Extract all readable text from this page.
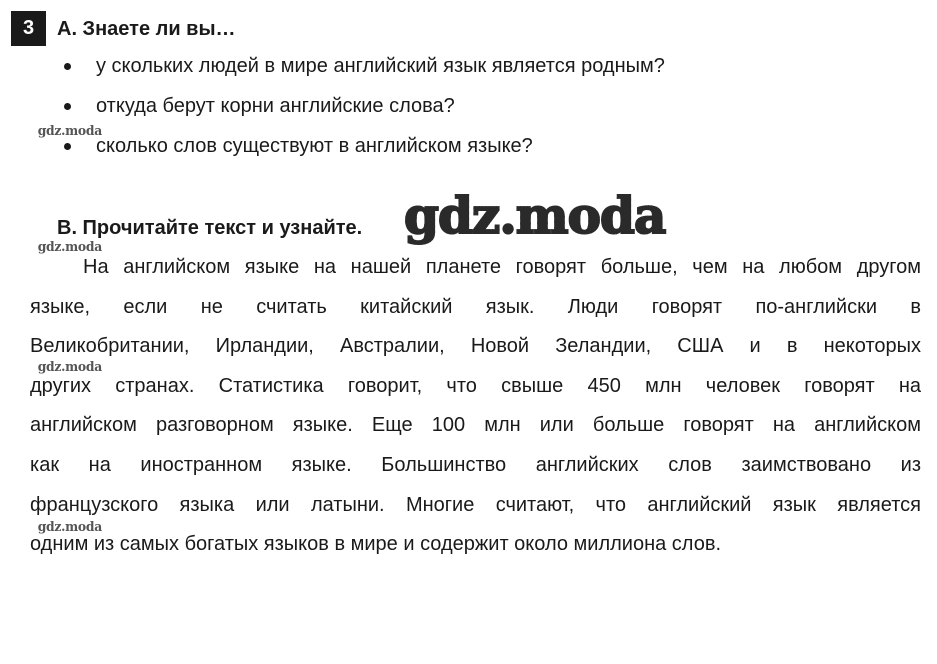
3	A. Знаете ли вы…
у скольких людей в мире английский язык является родным?
откуда берут корни английские слова?
сколько слов существуют в английском языке?
B. Прочитайте текст и узнайте.
На английском языке на нашей планете говорят больше, чем на любом другом
языке, если не считать китайский язык. Люди говорят по-английски в
Великобритании, Ирландии, Австралии, Новой Зеландии, США и в некоторых
других странах. Статистика говорит, что свыше 450 млн человек говорят на
английском разговорном языке. Еще 100 млн или больше говорят на английском
как на иностранном языке. Большинство английских слов заимствовано из
французского языка или латыни. Многие считают, что английский язык является
одним из самых богатых языков в мире и содержит около миллиона слов.
gdz.moda
gdz.moda
gdz.moda
gdz.moda
gdz.moda
